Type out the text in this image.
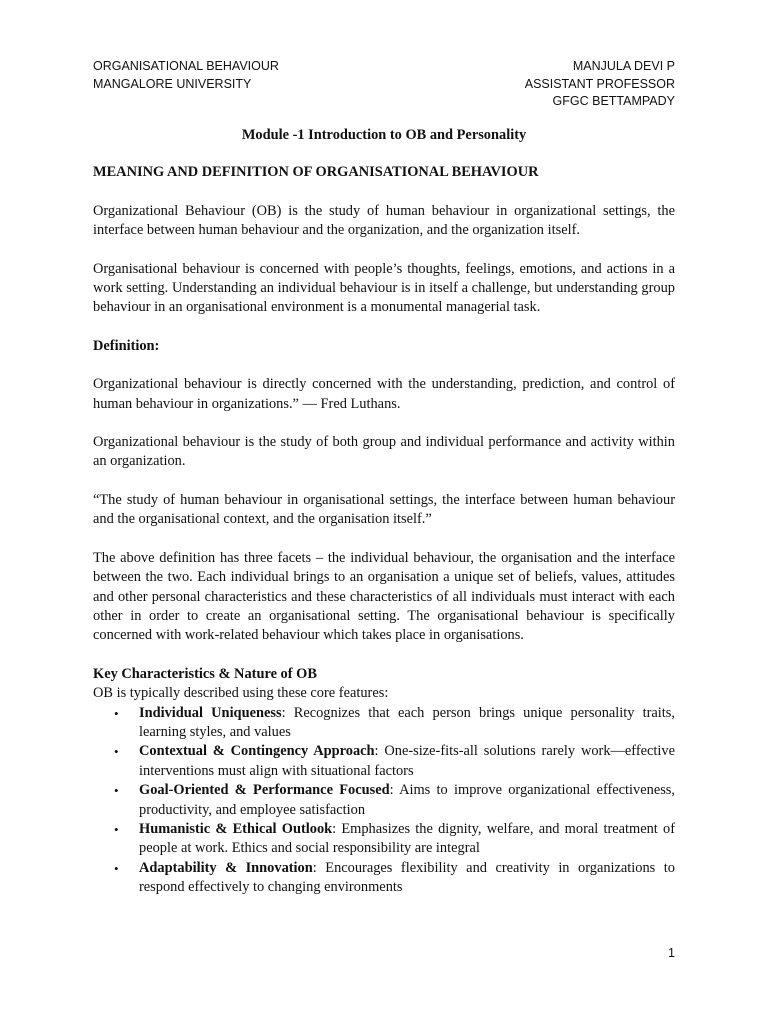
ORGANISATIONAL BEHAVIOUR
MANGALORE UNIVERSITY
MANJULA DEVI P
ASSISTANT PROFESSOR
GFGC BETTAMPADY

Module -1 Introduction to OB and Personality

MEANING AND DEFINITION OF ORGANISATIONAL BEHAVIOUR

Organizational Behaviour (OB) is the study of human behaviour in organizational settings, the interface between human behaviour and the organization, and the organization itself.

Organisational behaviour is concerned with people’s thoughts, feelings, emotions, and actions in a work setting. Understanding an individual behaviour is in itself a challenge, but understanding group behaviour in an organisational environment is a monumental managerial task.

Definition:

Organizational behaviour is directly concerned with the understanding, prediction, and control of human behaviour in organizations.” — Fred Luthans.

Organizational behaviour is the study of both group and individual performance and activity within an organization.

“The study of human behaviour in organisational settings, the interface between human behaviour and the organisational context, and the organisation itself.”

The above definition has three facets – the individual behaviour, the organisation and the interface between the two. Each individual brings to an organisation a unique set of beliefs, values, attitudes and other personal characteristics and these characteristics of all individuals must interact with each other in order to create an organisational setting. The organisational behaviour is specifically concerned with work-related behaviour which takes place in organisations.

Key Characteristics & Nature of OB

OB is typically described using these core features:

• Individual Uniqueness: Recognizes that each person brings unique personality traits, learning styles, and values
• Contextual & Contingency Approach: One-size-fits-all solutions rarely work—effective interventions must align with situational factors
• Goal-Oriented & Performance Focused: Aims to improve organizational effectiveness, productivity, and employee satisfaction
• Humanistic & Ethical Outlook: Emphasizes the dignity, welfare, and moral treatment of people at work. Ethics and social responsibility are integral
• Adaptability & Innovation: Encourages flexibility and creativity in organizations to respond effectively to changing environments
1
